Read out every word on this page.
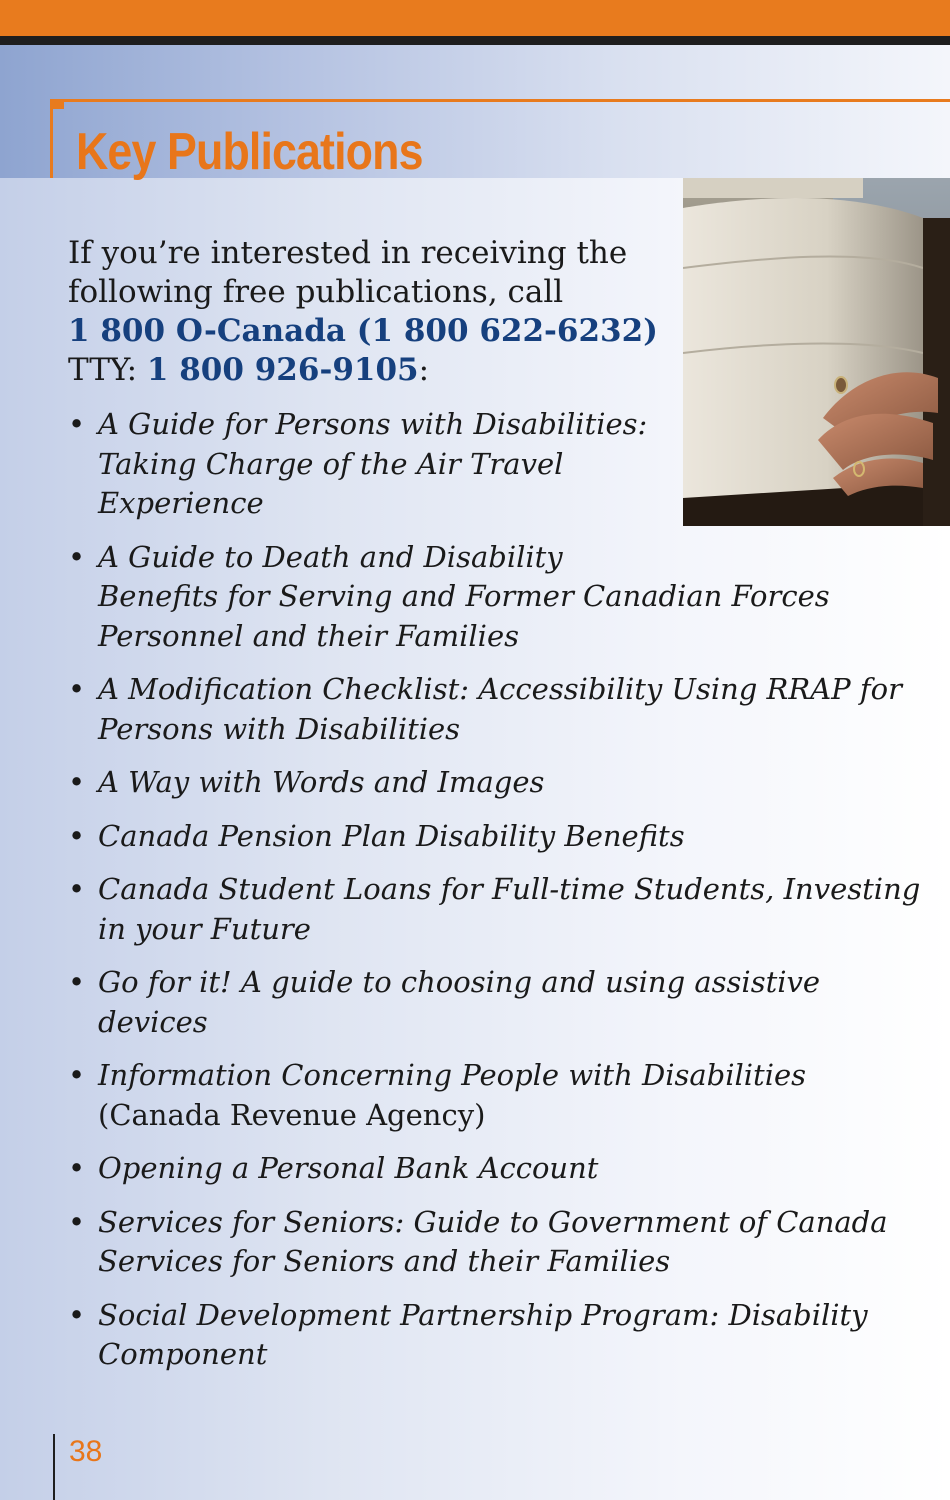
Key Publications
If you’re interested in receiving the
following free publications, call
1 800 O-Canada (1 800 622-6232)
TTY: 1 800 926-9105:
• A Guide for Persons with Disabilities:
Taking Charge of the Air Travel
Experience
• A Guide to Death and Disability
Benefits for Serving and Former Canadian Forces
Personnel and their Families
• A Modification Checklist: Accessibility Using RRAP for
Persons with Disabilities
• A Way with Words and Images
• Canada Pension Plan Disability Benefits
• Canada Student Loans for Full-time Students, Investing
in your Future
• Go for it! A guide to choosing and using assistive
devices
• Information Concerning People with Disabilities
(Canada Revenue Agency)
• Opening a Personal Bank Account
• Services for Seniors: Guide to Government of Canada
Services for Seniors and their Families
• Social Development Partnership Program: Disability
Component
38
